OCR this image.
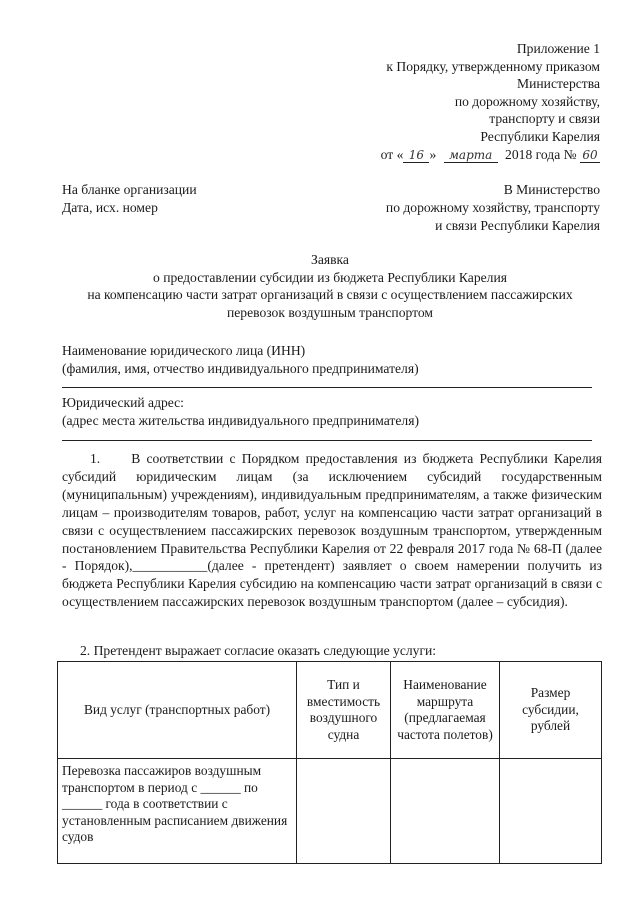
Приложение 1
к Порядку, утвержденному приказом
Министерства
по дорожному хозяйству,
транспорту и связи
Республики Карелия
от « 16 » марта 2018 года № 60
На бланке организации
Дата, исх. номер
В Министерство
по дорожному хозяйству, транспорту
и связи Республики Карелия
Заявка
о предоставлении субсидии из бюджета Республики Карелия
на компенсацию части затрат организаций в связи с осуществлением пассажирских
перевозок воздушным транспортом
Наименование юридического лица (ИНН)
(фамилия, имя, отчество индивидуального предпринимателя)
Юридический адрес:
(адрес места жительства индивидуального предпринимателя)

1.     В соответствии с Порядком предоставления из бюджета Республики Карелия субсидий юридическим лицам (за исключением субсидий государственным (муниципальным) учреждениям), индивидуальным предпринимателям, а также физическим лицам – производителям товаров, работ, услуг на компенсацию части затрат организаций в связи с осуществлением пассажирских перевозок воздушным транспортом, утвержденным постановлением Правительства Республики Карелия от 22 февраля 2017 года № 68-П (далее - Порядок),___________(далее - претендент) заявляет о своем намерении получить из бюджета Республики Карелия субсидию на компенсацию части затрат организаций в связи с осуществлением пассажирских перевозок воздушным транспортом (далее – субсидия).

2. Претендент выражает согласие оказать следующие услуги:
Вид услуг (транспортных работ)	Тип и вместимость воздушного судна	Наименование маршрута (предлагаемая частота полетов)	Размер субсидии, рублей
Перевозка пассажиров воздушным транспортом в период с ______ по ______ года в соответствии с установленным расписанием движения судов			
